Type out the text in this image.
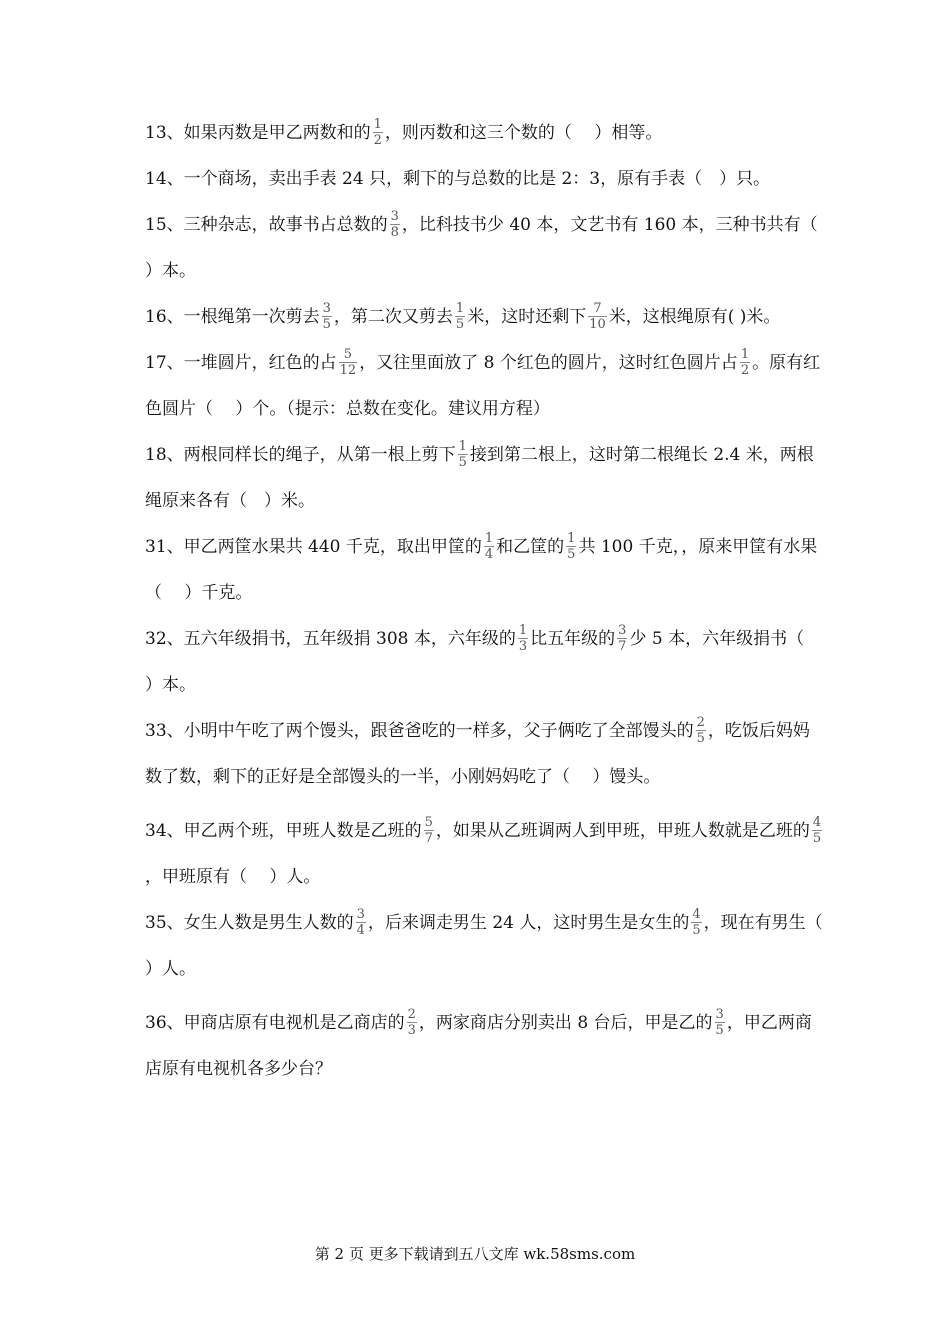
13、如果丙数是甲乙两数和的 $\frac{1}{2}$ ，则丙数和这三个数的（　 ）相等。

14、一个商场，卖出手表 24 只，剩下的与总数的比是 2：3，原有手表（　）只。

15、三种杂志，故事书占总数的 $\frac{3}{8}$ ，比科技书少 40 本，文艺书有 160 本，三种书共有（　 ）本。

16、一根绳第一次剪去 $\frac{3}{5}$ ，第二次又剪去 $\frac{1}{5}$ 米，这时还剩下 $\frac{7}{10}$ 米，这根绳原有( )米。

17、一堆圆片，红色的占 $\frac{5}{12}$ ，又往里面放了 8 个红色的圆片，这时红色圆片占 $\frac{1}{2}$ 。原有红色圆片（　 ）个。（提示：总数在变化。建议用方程）

18、两根同样长的绳子，从第一根上剪下 $\frac{1}{5}$ 接到第二根上，这时第二根绳长 2.4 米，两根绳原来各有（　）米。

31、甲乙两筐水果共 440 千克，取出甲筐的 $\frac{1}{4}$ 和乙筐的 $\frac{1}{5}$ 共 100 千克，，原来甲筐有水果（　 ）千克。

32、五六年级捐书，五年级捐 308 本，六年级的 $\frac{1}{3}$ 比五年级的 $\frac{3}{7}$ 少 5 本，六年级捐书（　 ）本。

33、小明中午吃了两个馒头，跟爸爸吃的一样多，父子俩吃了全部馒头的 $\frac{2}{5}$ ，吃饭后妈妈数了数，剩下的正好是全部馒头的一半，小刚妈妈吃了（　 ）馒头。

34、甲乙两个班，甲班人数是乙班的 $\frac{5}{7}$ ，如果从乙班调两人到甲班，甲班人数就是乙班的 $\frac{4}{5}$
，甲班原有（　 ）人。

35、女生人数是男生人数的 $\frac{3}{4}$ ，后来调走男生 24 人，这时男生是女生的 $\frac{4}{5}$ ，现在有男生（　 ）人。

36、甲商店原有电视机是乙商店的 $\frac{2}{3}$ ，两家商店分别卖出 8 台后，甲是乙的 $\frac{3}{5}$ ，甲乙两商店原有电视机各多少台？

第 2 页 更多下载请到五八文库 wk.58sms.com
